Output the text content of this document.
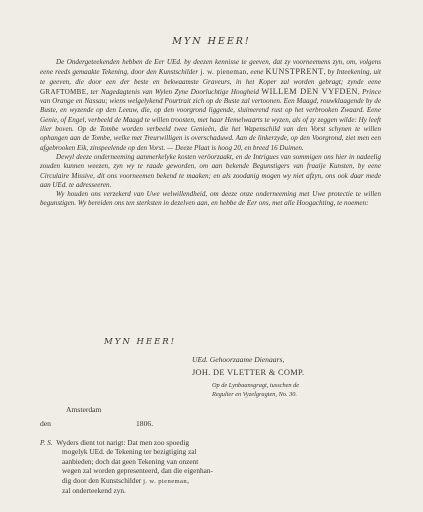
MYN HEER!

De Ondergeteekenden hebben de Eer UEd. by deezen kennisse te geeven, dat zy voorneemens zyn, om, volgens eene reeds gemaakte Tekening, door den Kunstschilder j. w. pieneman, eene KUNSTPRENT, by Inteekening, uit te geeven, die door een der beste en bekwaamste Graveurs, in het Koper zal worden gebragt; zynde eene GRAFTOMBE, ter Nagedagtenis van Wylen Zyne Doorluchtige Hoogheid WILLEM DEN VYFDEN, Prince van Orange en Nassau; wiens welgelykend Pourtrait zich op de Buste zal vertoonen. Een Maagd, rouwklaagende by de Buste, en wyzende op den Leeuw, die, op den voorgrond liggende, sluimerend rust op het verbrooken Zwaard. Eene Genie, of Engel, verbeeld de Maagd te willen troosten, met haar Hemelwaarts te wyzen, als of zy zeggen wilde: Hy leeft ilier boven. Op de Tombe worden verbeeld twee Genieën, die het Wapenschild van den Vorst schynen te willen ophangen aan de Tombe, welke met Treurwilligen is overschaduwd. Aan de linkerzyde, op den Voorgrond, ziet men een afgebrooken Eik, zinspeelende op den Vorst. — Deeze Plaat is hoog 20, en breed 16 Duimen.

Dewyl deeze onderneeming aanmerkelyke kosten veröorzaakt, en de Intrigues van sommigen ons hier in nadeelig zouden kunnen weezen, zyn wy te raade geworden, om aan bekende Begunstigers van fraaije Kunsten, by eene Circulaire Missive, dit ons voorneemen bekend te maaken; en als zoodanig mogen wy niet afzyn, ons ook daar mede aan UEd. te adresseeren.

Wy houden ons verzekerd van Uwe welwillendheid, om deeze onze onderneeming met Uwe protectie te willen begunstigen. Wy bereiden ons ten sterksten in dezelven aan, en hebbe de Eer ons, met alle Hoogachting, te noemen:

MYN HEER!
UEd. Gehoorzaame Dienaars,
JOH. DE VLETTER & COMP.
Op de Lynbaansgragt, tusschen de
Regulier en Vyzelgragten, No. 30.
Amsterdam
den	1806.
P. S. Wyders dient tot narigt: Dat men zoo spoedig
mogelyk UEd. de Tekening ter bezigtiging zal
aanbieden; doch dat geen Tekening van onzent
wegen zal worden gepresenteerd, dan die eigenhan-
dig door den Kunstschilder j. w. pieneman,
zal onderteekend zyn.
